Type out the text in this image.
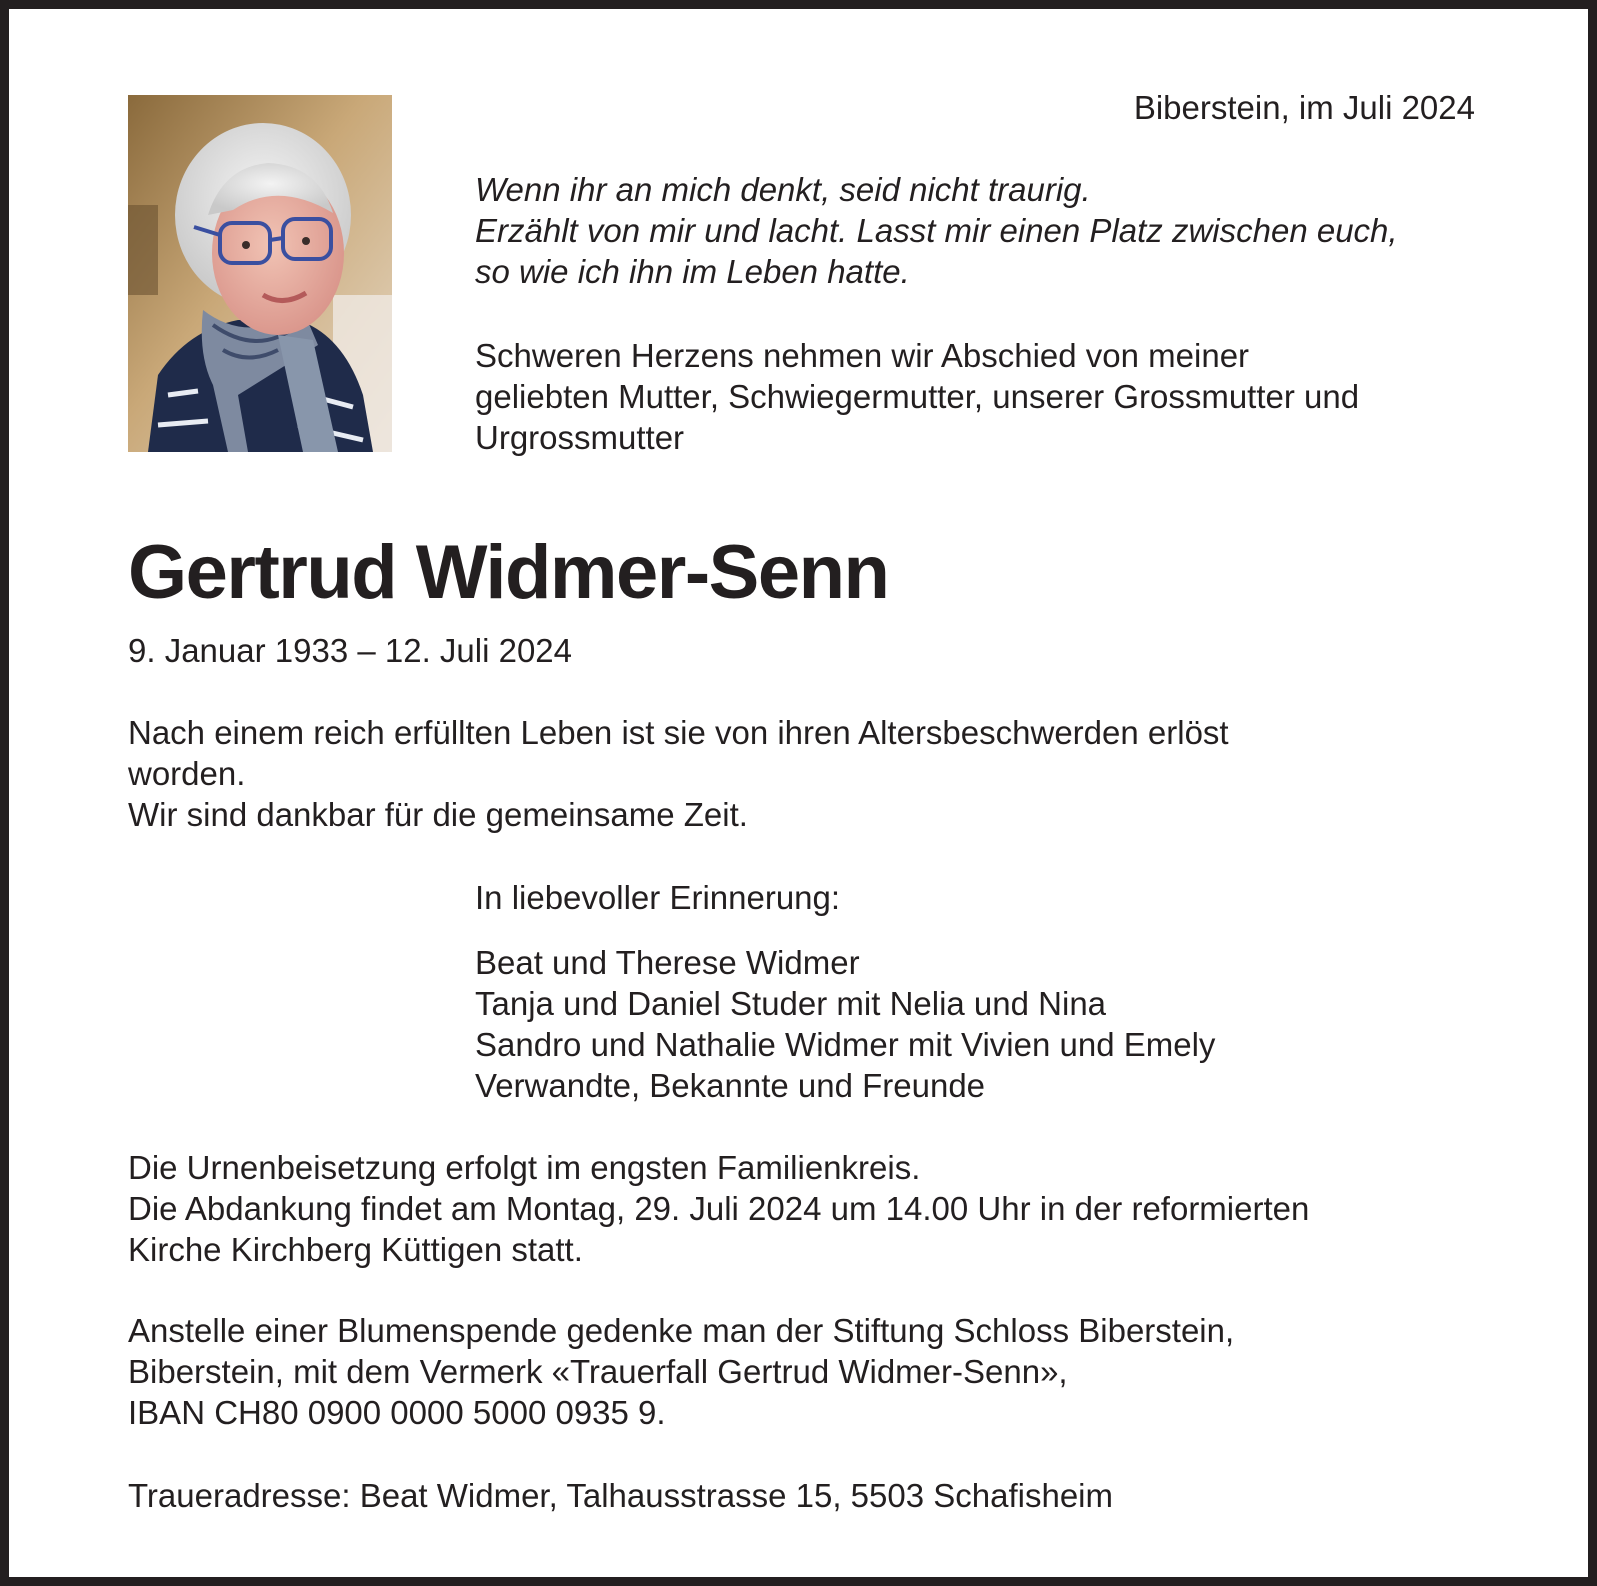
Biberstein, im Juli 2024

Wenn ihr an mich denkt, seid nicht traurig.
Erzählt von mir und lacht. Lasst mir einen Platz zwischen euch,
so wie ich ihn im Leben hatte.

Schweren Herzens nehmen wir Abschied von meiner
geliebten Mutter, Schwiegermutter, unserer Grossmutter und
Urgrossmutter

Gertrud Widmer-Senn

9. Januar 1933 – 12. Juli 2024

Nach einem reich erfüllten Leben ist sie von ihren Altersbeschwerden erlöst
worden.
Wir sind dankbar für die gemeinsame Zeit.

In liebevoller Erinnerung:

Beat und Therese Widmer
Tanja und Daniel Studer mit Nelia und Nina
Sandro und Nathalie Widmer mit Vivien und Emely
Verwandte, Bekannte und Freunde

Die Urnenbeisetzung erfolgt im engsten Familienkreis.
Die Abdankung findet am Montag, 29. Juli 2024 um 14.00 Uhr in der reformierten
Kirche Kirchberg Küttigen statt.

Anstelle einer Blumenspende gedenke man der Stiftung Schloss Biberstein,
Biberstein, mit dem Vermerk «Trauerfall Gertrud Widmer-Senn»,
IBAN CH80 0900 0000 5000 0935 9.

Traueradresse: Beat Widmer, Talhausstrasse 15, 5503 Schafisheim
